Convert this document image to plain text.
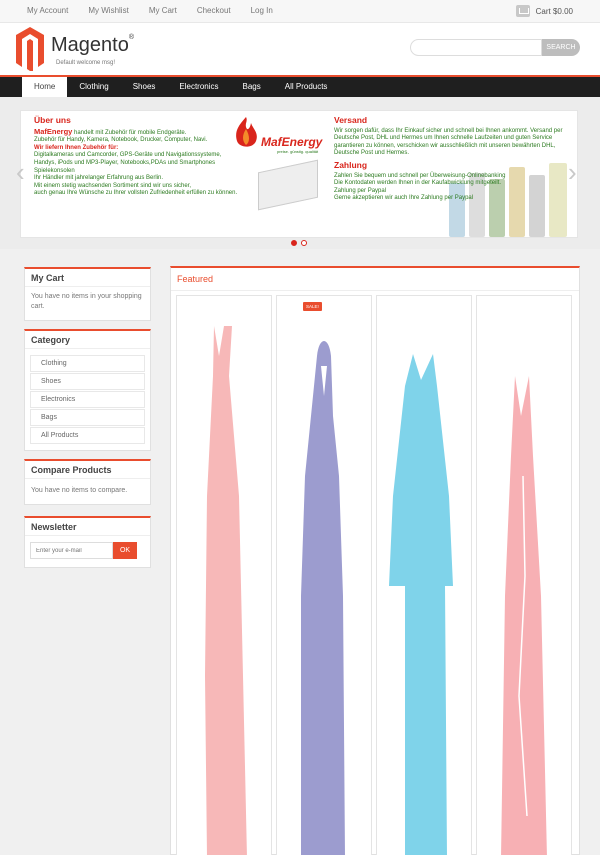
My Account	My Wishlist	My Cart	Checkout	Log In	Cart $0.00
Magento®
Default welcome msg!
SEARCH
Home	Clothing	Shoes	Electronics	Bags	All Products
Über uns
MafEnergy handelt mit Zubehör für mobile Endgeräte.
Zubehör für Handy, Kamera, Notebook, Drucker, Computer, Navi.
Wir liefern Ihnen Zubehör für:
Digitalkameras und Camcorder, GPS-Geräte und Navigationssysteme,
Handys, iPods und MP3-Player, Notebooks,PDAs und Smartphones
Spielekonsolen
Ihr Händler mit jahrelanger Erfahrung aus Berlin.
Mit einem stetig wachsenden Sortiment sind wir uns sicher,
auch genau Ihre Wünsche zu Ihrer vollsten Zufriedenheit erfüllen zu können.
MafEnergy
preise. günstig. qualität
Versand
Wir sorgen dafür, dass Ihr Einkauf sicher und schnell bei Ihnen ankommt. Versand per Deutsche Post, DHL und Hermes um Ihnen schnelle Laufzeiten und guten Service garantieren zu können, verschicken wir ausschließlich mit unseren bewährten DHL, Deutsche Post und Hermes.
Zahlung
Zahlen Sie bequem und schnell per Überweisung-Onlinebanking
Die Kontodaten werden Ihnen in der Kaufabwicklung mitgeteilt.
Zahlung per Paypal
Gerne akzeptieren wir auch Ihre Zahlung per Paypal
‹	›
My Cart
You have no items in your shopping cart.
Category
Clothing
Shoes
Electronics
Bags
All Products
Compare Products
You have no items to compare.
Newsletter
Enter your e-mail
OK
Featured
SALE!
